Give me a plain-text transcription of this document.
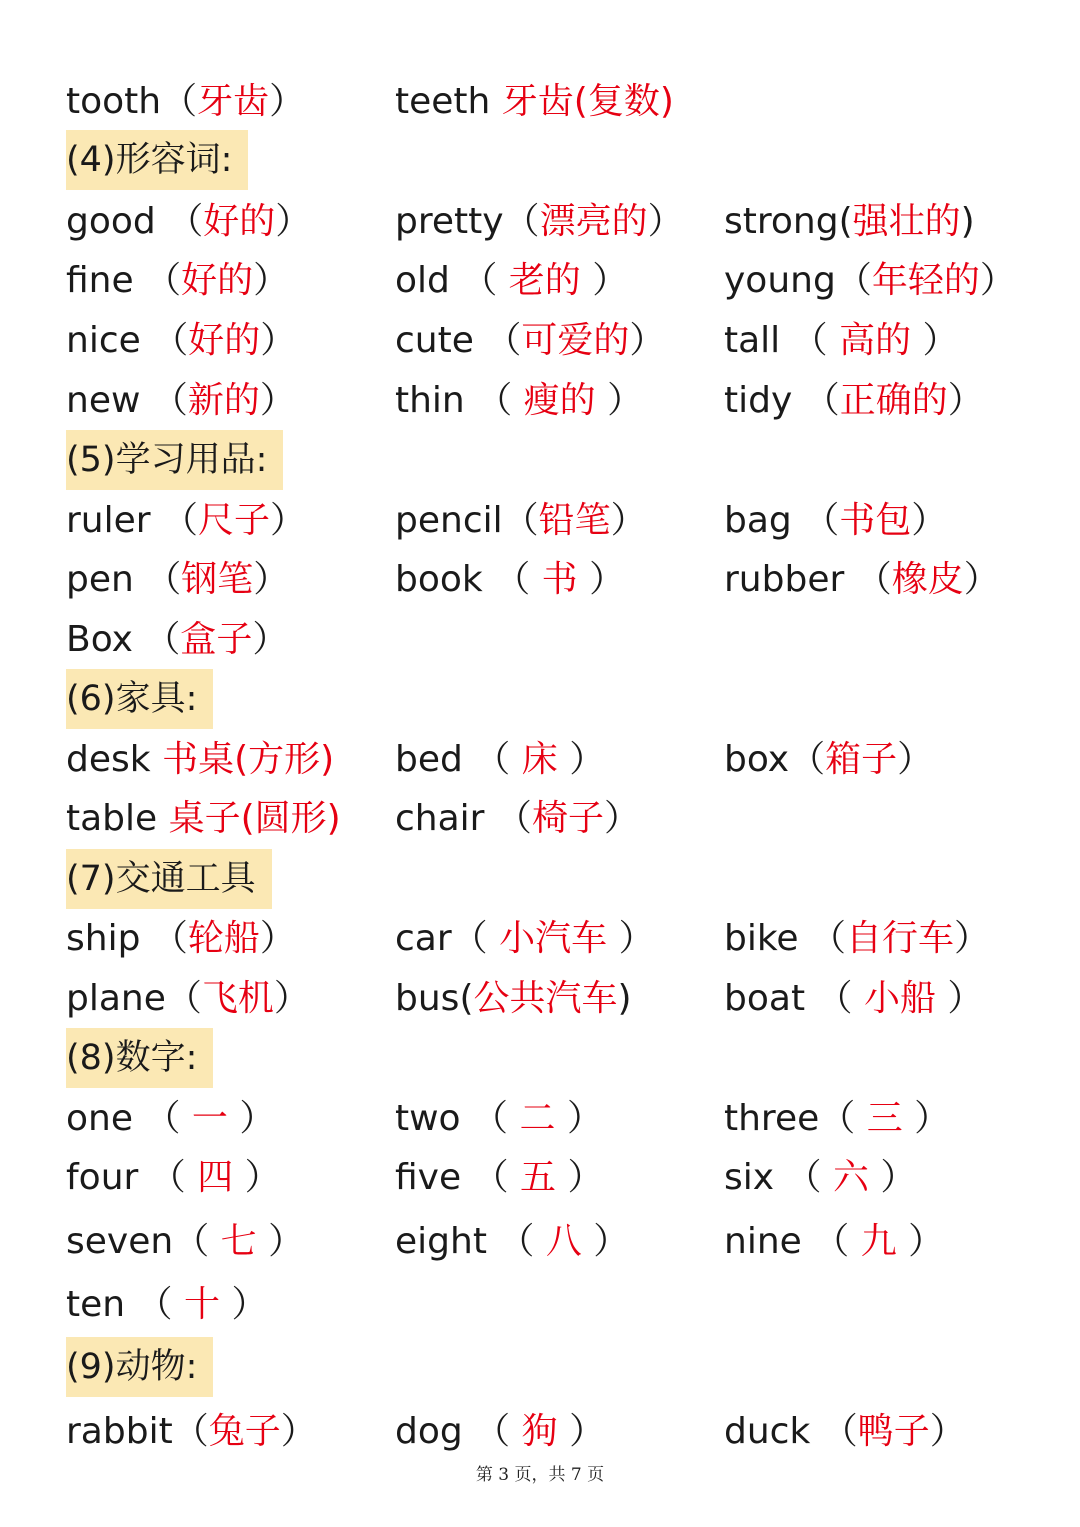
tooth（牙齿） teeth 牙齿(复数)
(4)形容词:
good （好的） pretty（漂亮的） strong(强壮的)
fine （好的）	old （ 老的 ）	young（年轻的）
nice （好的）	cute （可爱的） tall （ 高的 ）
new （新的）	thin （ 瘦的 ） tidy （正确的）
(5)学习用品:
ruler （尺子） pencil（铅笔） bag （书包）
pen （钢笔）	book （ 书 ）	rubber （橡皮）
Box （盒子）
(6)家具:
desk 书桌(方形) bed （ 床 ）	box（箱子）
table 桌子(圆形) chair （椅子）
(7)交通工具
ship （轮船）	car（ 小汽车 ） bike （自行车）
plane（飞机） bus(公共汽车)	boat （ 小船 ）
(8)数字:
one （ 一 ）	two （ 二 ）	three（ 三 ）
four （ 四 ）	five （ 五 ）	six （ 六 ）
seven（ 七 ）	eight （ 八 ）	nine （ 九 ）
ten （ 十 ）
(9)动物:
rabbit（兔子） dog （ 狗 ）	duck （鸭子）
第 3 页，共 7 页
